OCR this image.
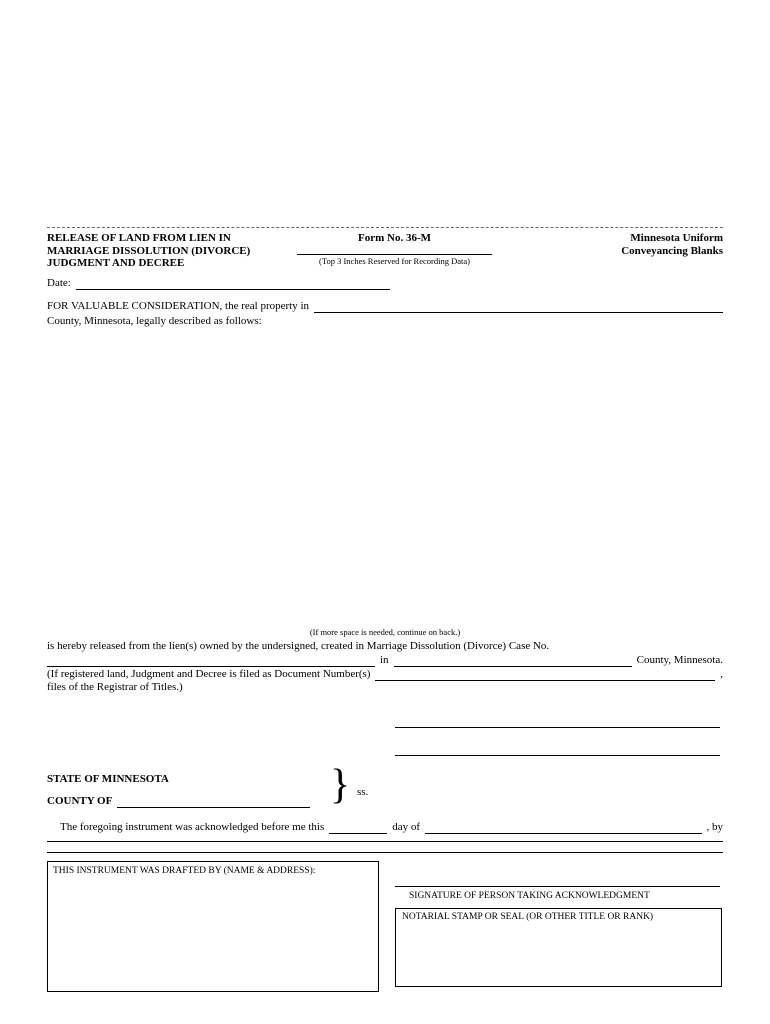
RELEASE OF LAND FROM LIEN IN
MARRIAGE DISSOLUTION (DIVORCE)
JUDGMENT AND DECREE
Form No. 36-M
(Top 3 Inches Reserved for Recording Data)
Minnesota Uniform
Conveyancing Blanks
Date:
FOR VALUABLE CONSIDERATION, the real property in
County, Minnesota, legally described as follows:
(If more space is needed, continue on back.)
is hereby released from the lien(s) owned by the undersigned, created in Marriage Dissolution (Divorce) Case No.
in	County, Minnesota.
(If registered land, Judgment and Decree is filed as Document Number(s)	,
files of the Registrar of Titles.)
STATE OF MINNESOTA
COUNTY OF	} ss.
The foregoing instrument was acknowledged before me this	day of	, by
THIS INSTRUMENT WAS DRAFTED BY (NAME & ADDRESS):
SIGNATURE OF PERSON TAKING ACKNOWLEDGMENT
NOTARIAL STAMP OR SEAL (OR OTHER TITLE OR RANK)
